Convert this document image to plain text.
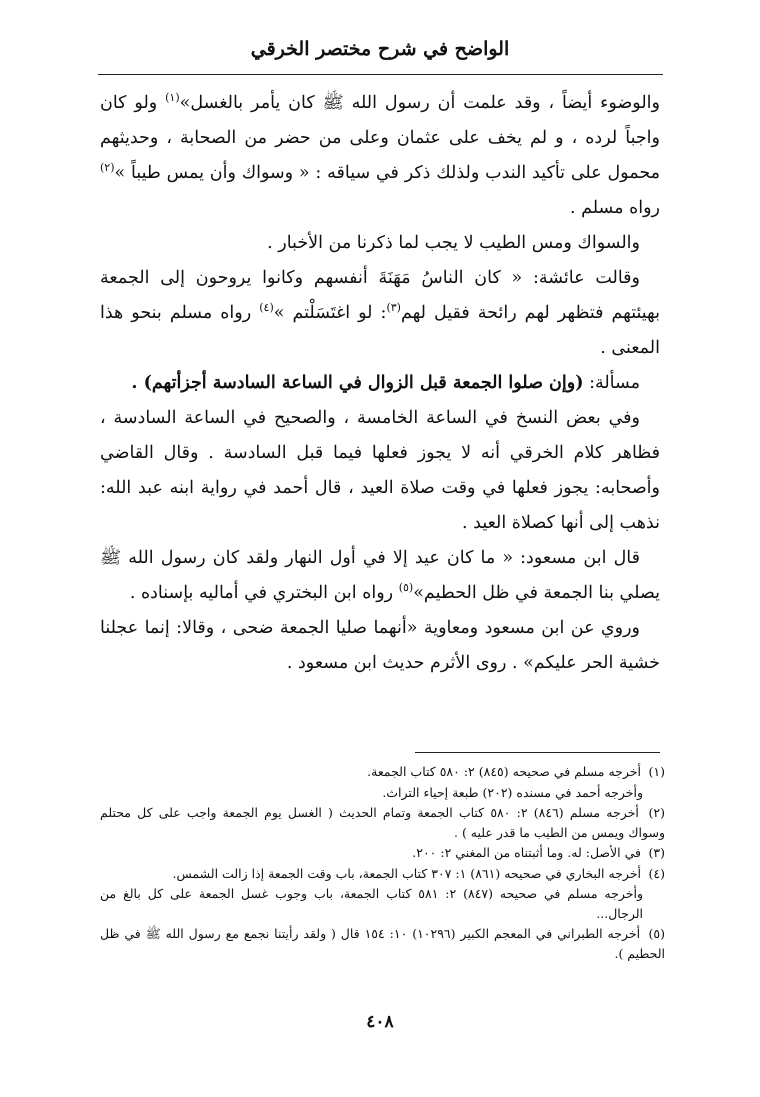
الواضح في شرح مختصر الخرقي

والوضوء أيضاً ، وقد علمت أن رسول الله ﷺ كان يأمر بالغسل»$^{(١)}$ ولو كان واجباً لرده ، و لم يخف على عثمان وعلى من حضر من الصحابة ، وحديثهم محمول على تأكيد الندب ولذلك ذكر في سياقه : « وسواك وأن يمس طيباً »$^{(٢)}$ رواه مسلم .

والسواك ومس الطيب لا يجب لما ذكرنا من الأخبار .

وقالت عائشة: « كان الناسُ مَهَنَةَ أنفسهم وكانوا يروحون إلى الجمعة بهيئتهم فتظهر لهم رائحة فقيل لهم$^{(٣)}$: لو اغتَسَلْتم »$^{(٤)}$ رواه مسلم بنحو هذا المعنى .

مسألة: (وإن صلوا الجمعة قبل الزوال في الساعة السادسة أجزأتهم) .

وفي بعض النسخ في الساعة الخامسة ، والصحيح في الساعة السادسة ، فظاهر كلام الخرقي أنه لا يجوز فعلها فيما قبل السادسة . وقال القاضي وأصحابه: يجوز فعلها في وقت صلاة العيد ، قال أحمد في رواية ابنه عبد الله: نذهب إلى أنها كصلاة العيد .

قال ابن مسعود: « ما كان عيد إلا في أول النهار ولقد كان رسول الله ﷺ يصلي بنا الجمعة في ظل الحطيم»$^{(٥)}$ رواه ابن البختري في أماليه بإسناده .

وروي عن ابن مسعود ومعاوية «أنهما صليا الجمعة ضحى ، وقالا: إنما عجلنا خشية الحر عليكم» . روى الأثرم حديث ابن مسعود .

(١) أخرجه مسلم في صحيحه (٨٤٥) ٢: ٥٨٠ كتاب الجمعة.

وأخرجه أحمد في مسنده (٢٠٢) طبعة إحياء التراث.

(٢) أخرجه مسلم (٨٤٦) ٢: ٥٨٠ كتاب الجمعة وتمام الحديث ( الغسل يوم الجمعة واجب على كل محتلم وسواك ويمس من الطيب ما قدر عليه ) .

(٣) في الأصل: له. وما أثبتناه من المغني ٢: ٢٠٠.

(٤) أخرجه البخاري في صحيحه (٨٦١) ١: ٣٠٧ كتاب الجمعة، باب وقت الجمعة إذا زالت الشمس.

وأخرجه مسلم في صحيحه (٨٤٧) ٢: ٥٨١ كتاب الجمعة، باب وجوب غسل الجمعة على كل بالغ من الرجال...

(٥) أخرجه الطبراني في المعجم الكبير (١٠٢٩٦) ١٠: ١٥٤ قال ( ولقد رأيتنا نجمع مع رسول الله ﷺ في ظل الحطيم ).

٤٠٨
